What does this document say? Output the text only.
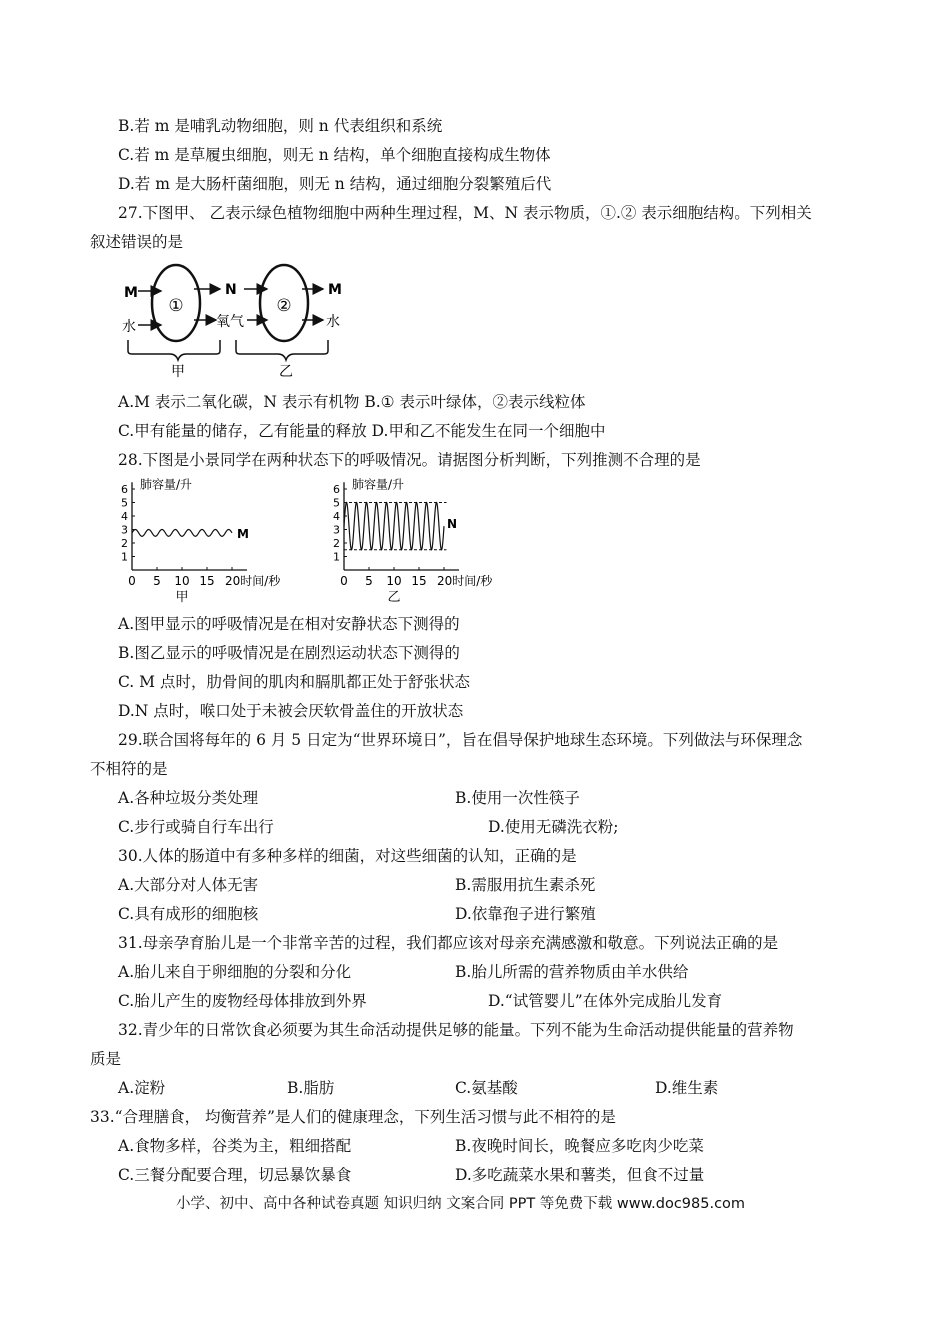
B.若 m 是哺乳动物细胞，则 n 代表组织和系统
C.若 m 是草履虫细胞，则无 n 结构，单个细胞直接构成生物体
D.若 m 是大肠杆菌细胞，则无 n 结构，通过细胞分裂繁殖后代
27.下图甲、 乙表示绿色植物细胞中两种生理过程，M、N 表示物质，①.② 表示细胞结构。下列相关
叙述错误的是
①	②
M
水
N
氧气
M
水
甲	乙
A.M 表示二氧化碳，N 表示有机物 B.① 表示叶绿体，②表示线粒体
C.甲有能量的储存，乙有能量的释放 D.甲和乙不能发生在同一个细胞中
28.下图是小景同学在两种状态下的呼吸情况。请据图分析判断，下列推测不合理的是
1
2
3
4
5
6
0 5 10 15 20时间/秒
肺容量/升
M
甲
1
2
3
4
5
6
0 5 10 15 20时间/秒
肺容量/升
N
乙
A.图甲显示的呼吸情况是在相对安静状态下测得的
B.图乙显示的呼吸情况是在剧烈运动状态下测得的
C. M 点时，肋骨间的肌肉和膈肌都正处于舒张状态
D.N 点时，喉口处于未被会厌软骨盖住的开放状态
29.联合国将每年的 6 月 5 日定为“世界环境日”，旨在倡导保护地球生态环境。下列做法与环保理念
不相符的是
A.各种垃圾分类处理	B.使用一次性筷子
C.步行或骑自行车出行	D.使用无磷洗衣粉;
30.人体的肠道中有多种多样的细菌，对这些细菌的认知，正确的是
A.大部分对人体无害	B.需服用抗生素杀死
C.具有成形的细胞核	D.依靠孢子进行繁殖
31.母亲孕育胎儿是一个非常辛苦的过程，我们都应该对母亲充满感激和敬意。下列说法正确的是
A.胎儿来自于卵细胞的分裂和分化	B.胎儿所需的营养物质由羊水供给
C.胎儿产生的废物经母体排放到外界	D.“试管婴儿”在体外完成胎儿发育
32.青少年的日常饮食必须要为其生命活动提供足够的能量。下列不能为生命活动提供能量的营养物
质是
A.淀粉	B.脂肪	C.氨基酸	D.维生素
33.“合理膳食， 均衡营养”是人们的健康理念，下列生活习惯与此不相符的是
A.食物多样，谷类为主，粗细搭配	B.夜晚时间长，晚餐应多吃肉少吃菜
C.三餐分配要合理，切忌暴饮暴食	D.多吃蔬菜水果和薯类，但食不过量
小学、初中、高中各种试卷真题 知识归纳 文案合同 PPT 等免费下载 www.doc985.com
